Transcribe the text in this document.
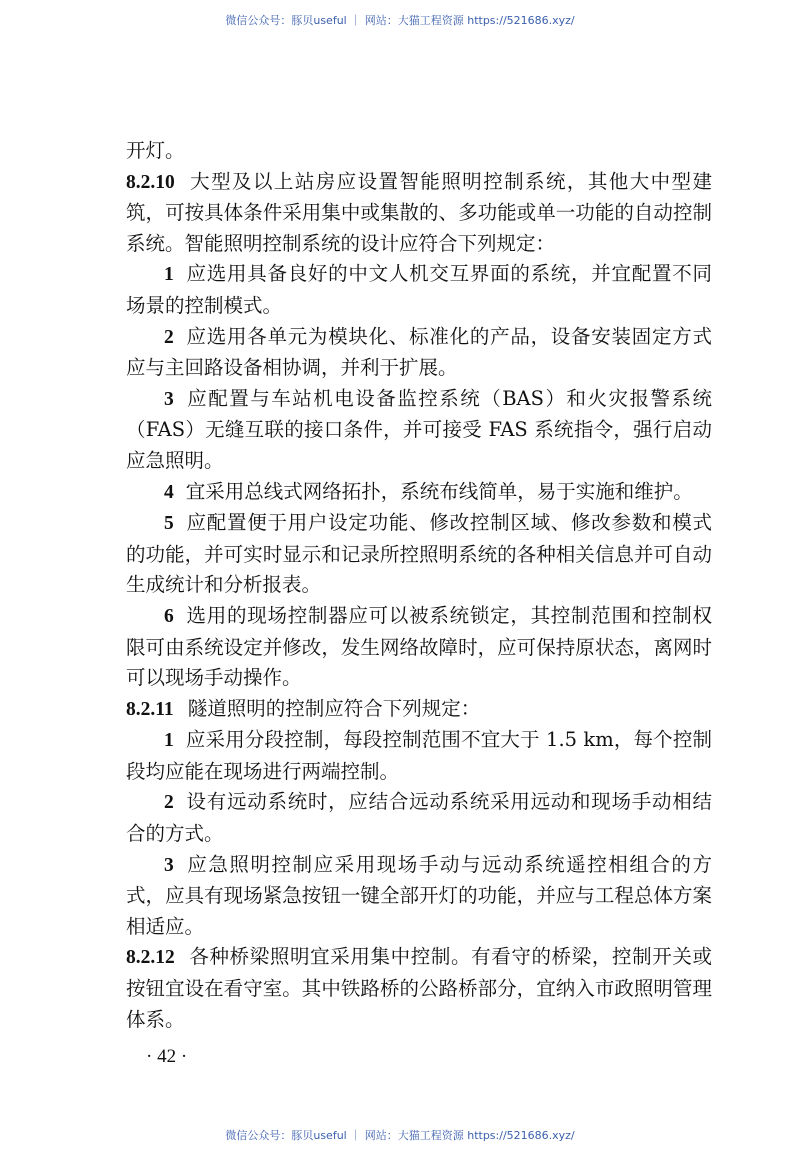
微信公众号：豚贝useful ｜ 网站：大猫工程资源 https://521686.xyz/

开灯。

8.2.10 大型及以上站房应设置智能照明控制系统，其他大中型建筑，可按具体条件采用集中或集散的、多功能或单一功能的自动控制系统。智能照明控制系统的设计应符合下列规定：

1 应选用具备良好的中文人机交互界面的系统，并宜配置不同场景的控制模式。

2 应选用各单元为模块化、标准化的产品，设备安装固定方式应与主回路设备相协调，并利于扩展。

3 应配置与车站机电设备监控系统（BAS）和火灾报警系统（FAS）无缝互联的接口条件，并可接受 FAS 系统指令，强行启动应急照明。

4 宜采用总线式网络拓扑，系统布线简单，易于实施和维护。

5 应配置便于用户设定功能、修改控制区域、修改参数和模式的功能，并可实时显示和记录所控照明系统的各种相关信息并可自动生成统计和分析报表。

6 选用的现场控制器应可以被系统锁定，其控制范围和控制权限可由系统设定并修改，发生网络故障时，应可保持原状态，离网时可以现场手动操作。

8.2.11 隧道照明的控制应符合下列规定：

1 应采用分段控制，每段控制范围不宜大于 1.5 km，每个控制段均应能在现场进行两端控制。

2 设有远动系统时，应结合远动系统采用远动和现场手动相结合的方式。

3 应急照明控制应采用现场手动与远动系统遥控相组合的方式，应具有现场紧急按钮一键全部开灯的功能，并应与工程总体方案相适应。

8.2.12 各种桥梁照明宜采用集中控制。有看守的桥梁，控制开关或按钮宜设在看守室。其中铁路桥的公路桥部分，宜纳入市政照明管理体系。

· 42 ·
微信公众号：豚贝useful ｜ 网站：大猫工程资源 https://521686.xyz/
